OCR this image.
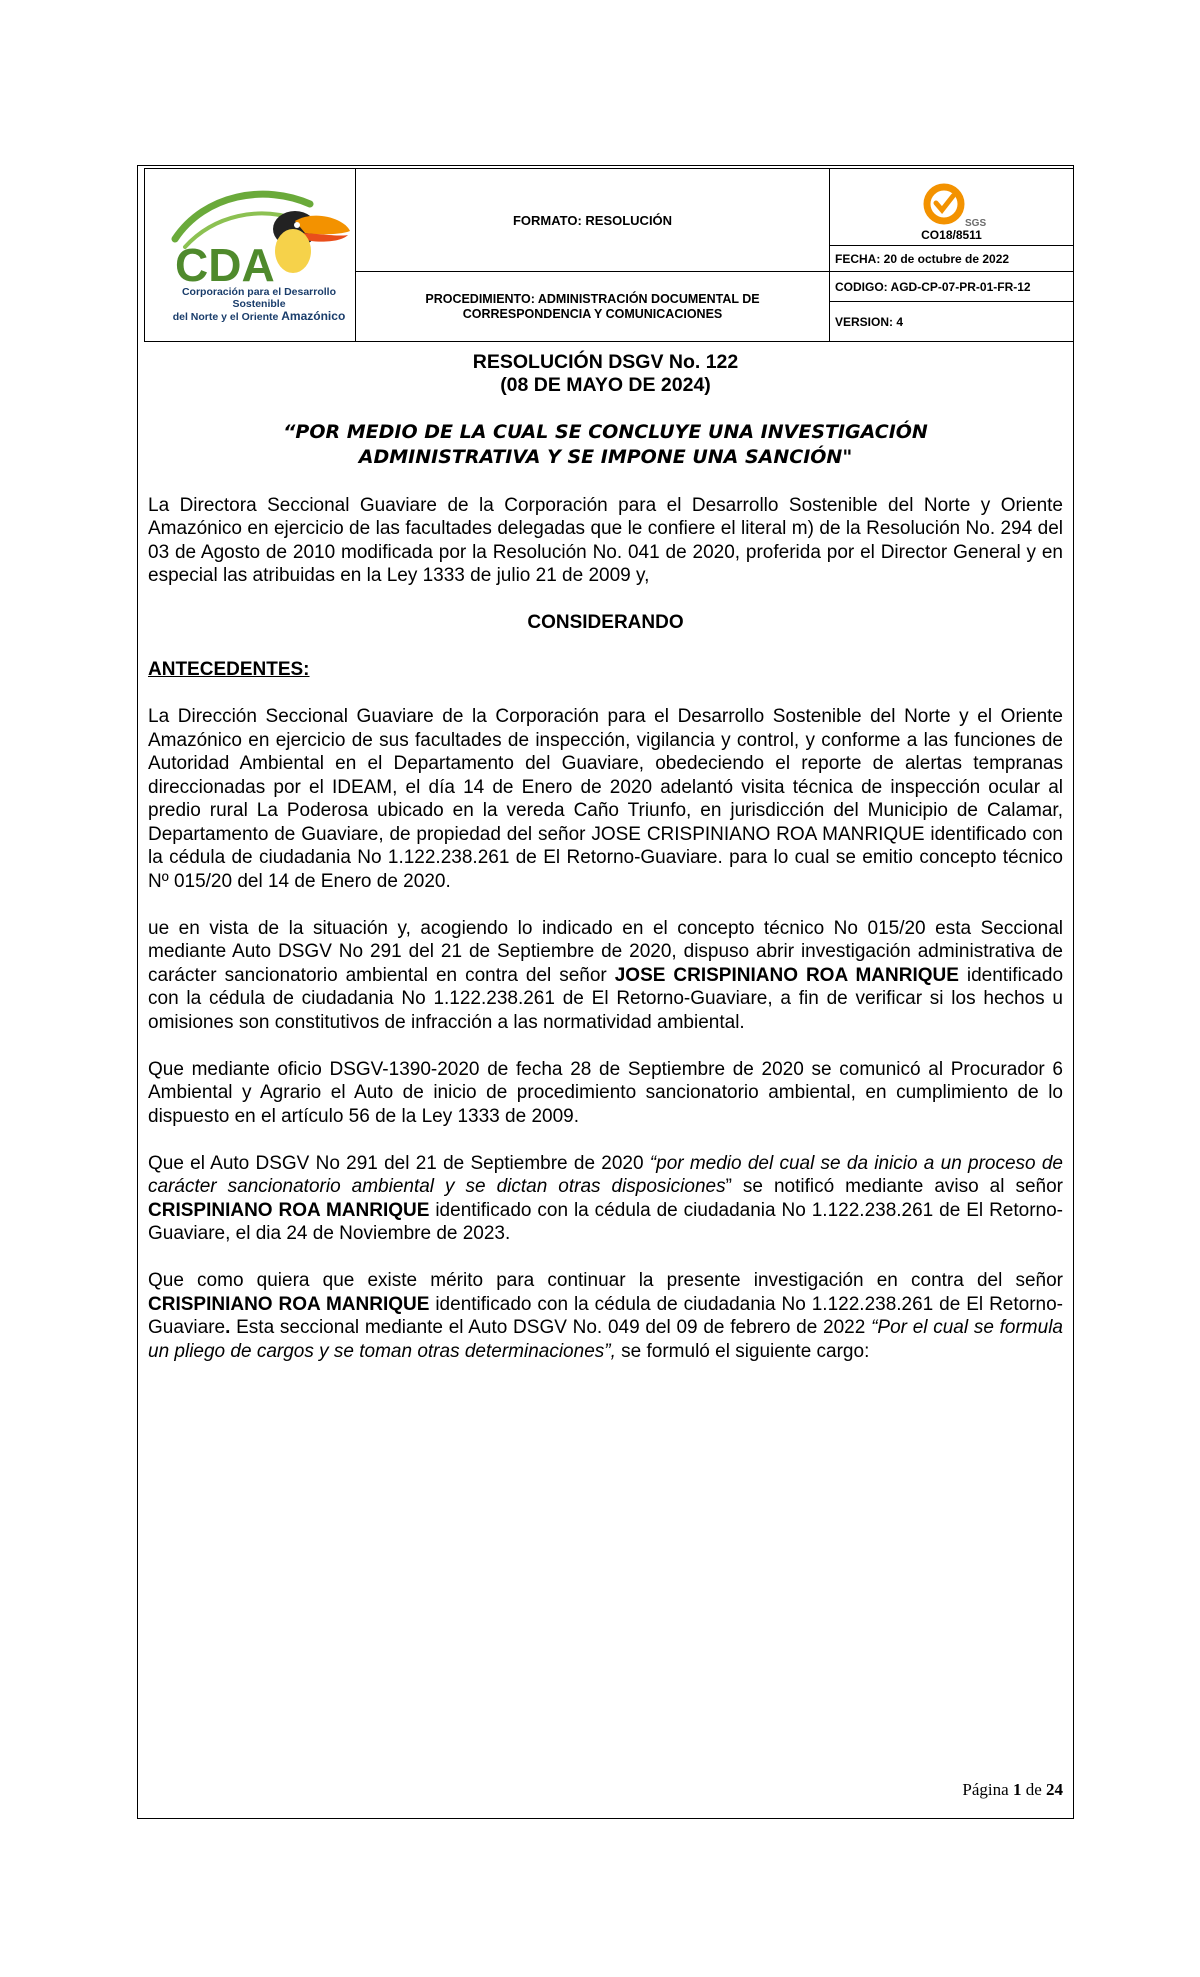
CDA
Corporación para el Desarrollo Sostenible
del Norte y el Oriente Amazónico
FORMATO: RESOLUCIÓN
PROCEDIMIENTO: ADMINISTRACIÓN DOCUMENTAL DE CORRESPONDENCIA Y COMUNICACIONES
SGS
CO18/8511
FECHA: 20 de octubre de 2022
CODIGO: AGD-CP-07-PR-01-FR-12
VERSION: 4
RESOLUCIÓN DSGV No. 122
(08 DE MAYO DE 2024)
“POR MEDIO DE LA CUAL SE CONCLUYE UNA INVESTIGACIÓN
ADMINISTRATIVA Y SE IMPONE UNA SANCIÓN"

La Directora Seccional Guaviare de la Corporación para el Desarrollo Sostenible del Norte y Oriente Amazónico en ejercicio de las facultades delegadas que le confiere el literal m) de la Resolución No. 294 del 03 de Agosto de 2010 modificada por la Resolución No. 041 de 2020, proferida por el Director General y en especial las atribuidas en la Ley 1333 de julio 21 de 2009 y,

CONSIDERANDO

ANTECEDENTES:

La Dirección Seccional Guaviare de la Corporación para el Desarrollo Sostenible del Norte y el Oriente Amazónico en ejercicio de sus facultades de inspección, vigilancia y control, y conforme a las funciones de Autoridad Ambiental en el Departamento del Guaviare, obedeciendo el reporte de alertas tempranas direccionadas por el IDEAM, el día 14 de Enero de 2020 adelantó visita técnica de inspección ocular al predio rural La Poderosa ubicado en la vereda Caño Triunfo, en jurisdicción del Municipio de Calamar, Departamento de Guaviare, de propiedad del señor JOSE CRISPINIANO ROA MANRIQUE identificado con la cédula de ciudadania No 1.122.238.261 de El Retorno-Guaviare. para lo cual se emitio concepto técnico Nº 015/20 del 14 de Enero de 2020.

ue en vista de la situación y, acogiendo lo indicado en el concepto técnico No 015/20 esta Seccional mediante Auto DSGV No 291 del 21 de Septiembre de 2020, dispuso abrir investigación administrativa de carácter sancionatorio ambiental en contra del señor JOSE CRISPINIANO ROA MANRIQUE identificado con la cédula de ciudadania No 1.122.238.261 de El Retorno-Guaviare, a fin de verificar si los hechos u omisiones son constitutivos de infracción a las normatividad ambiental.

Que mediante oficio DSGV-1390-2020 de fecha 28 de Septiembre de 2020 se comunicó al Procurador 6 Ambiental y Agrario el Auto de inicio de procedimiento sancionatorio ambiental, en cumplimiento de lo dispuesto en el artículo 56 de la Ley 1333 de 2009.

Que el Auto DSGV No 291 del 21 de Septiembre de 2020 “por medio del cual se da inicio a un proceso de carácter sancionatorio ambiental y se dictan otras disposiciones” se notificó mediante aviso al señor CRISPINIANO ROA MANRIQUE identificado con la cédula de ciudadania No 1.122.238.261 de El Retorno-Guaviare, el dia 24 de Noviembre de 2023.

Que como quiera que existe mérito para continuar la presente investigación en contra del señor CRISPINIANO ROA MANRIQUE identificado con la cédula de ciudadania No 1.122.238.261 de El Retorno-Guaviare. Esta seccional mediante el Auto DSGV No. 049 del 09 de febrero de 2022 “Por el cual se formula un pliego de cargos y se toman otras determinaciones”, se formuló el siguiente cargo:

Página 1 de 24
